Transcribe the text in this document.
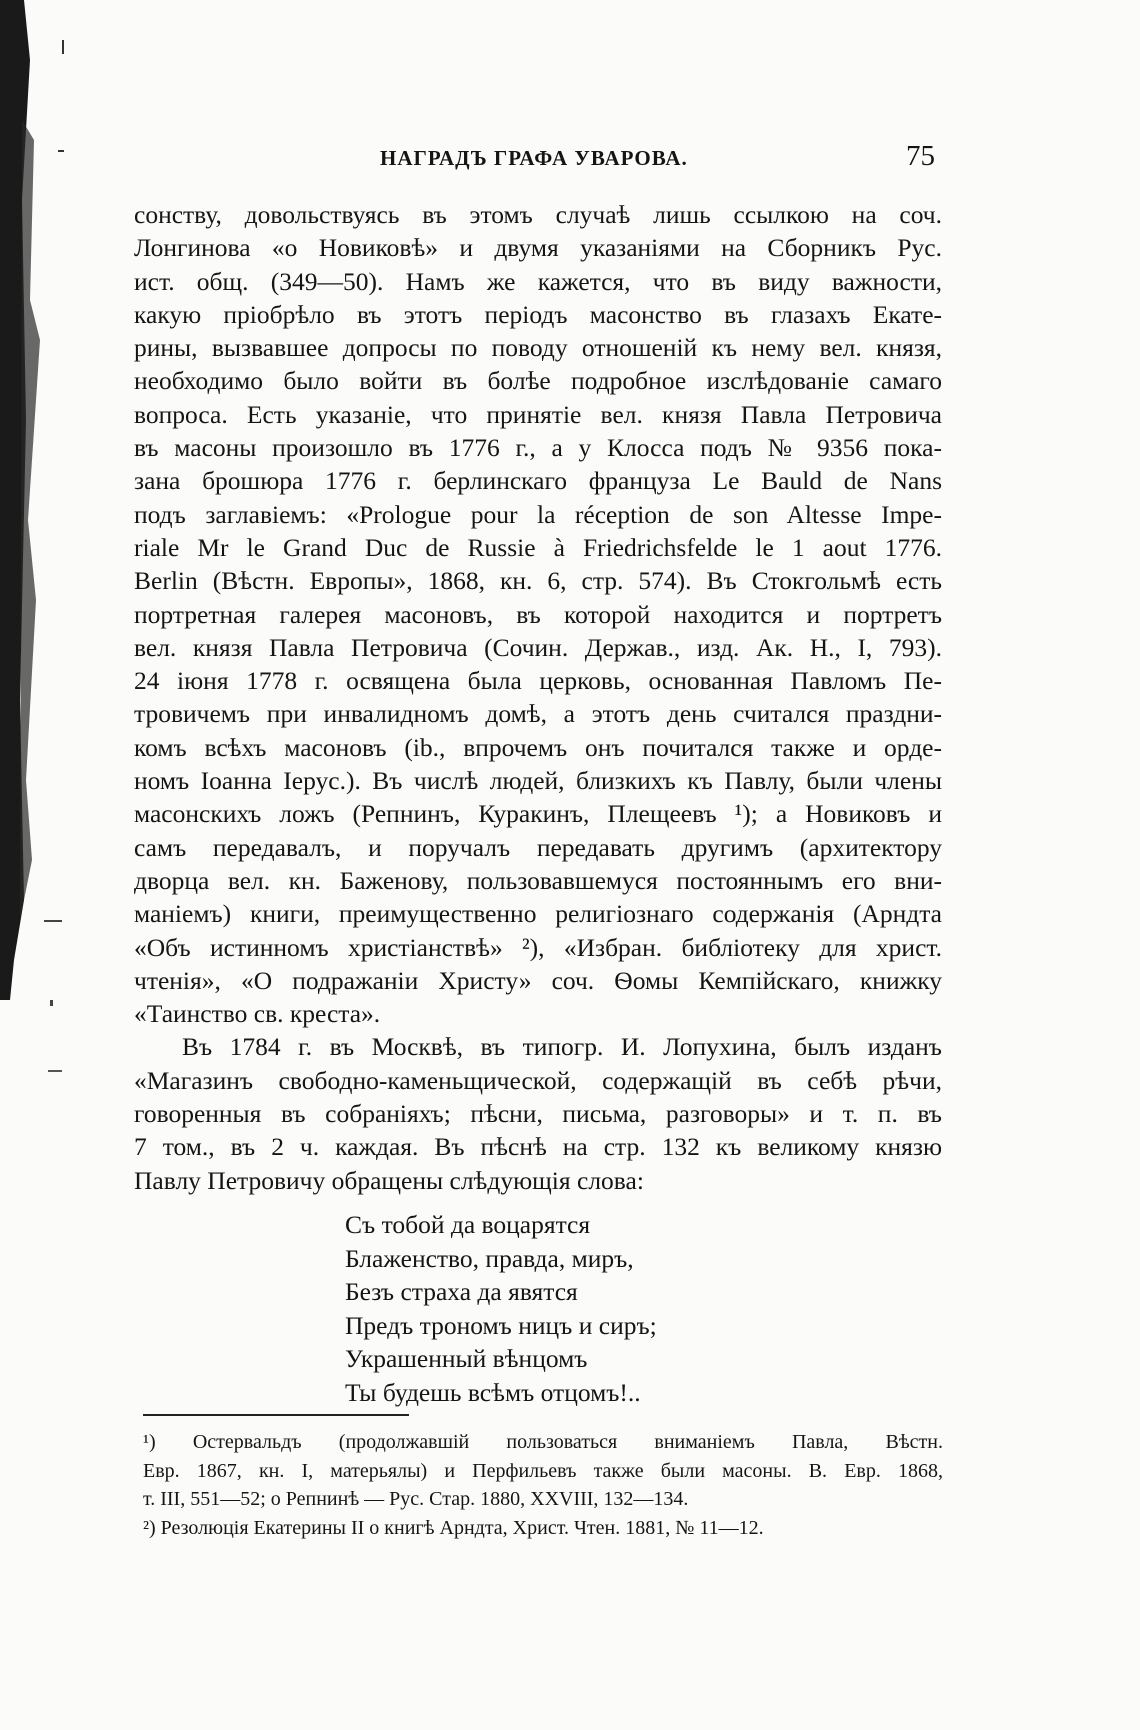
НАГРАДЪ ГРАФА УВАРОВА.	75
сонству, довольствуясь въ этомъ случаѣ лишь ссылкою на соч.
Лонгинова «о Новиковѣ» и двумя указаніями на Сборникъ Рус.
ист. общ. (349—50). Намъ же кажется, что въ виду важности,
какую пріобрѣло въ этотъ періодъ масонство въ глазахъ Екате-
рины, вызвавшее допросы по поводу отношеній къ нему вел. князя,
необходимо было войти въ болѣе подробное изслѣдованіе самаго
вопроса. Есть указаніе, что принятіе вел. князя Павла Петровича
въ масоны произошло въ 1776 г., а у Клосса подъ № 9356 пока-
зана брошюра 1776 г. берлинскаго француза Le Bauld de Nans
подъ заглавіемъ: «Prologue pour la réception de son Altesse Impe-
riale Mr le Grand Duc de Russie à Friedrichsfelde le 1 aout 1776.
Berlin (Вѣстн. Европы», 1868, кн. 6, стр. 574). Въ Стокгольмѣ есть
портретная галерея масоновъ, въ которой находится и портретъ
вел. князя Павла Петровича (Сочин. Держав., изд. Ак. Н., I, 793).
24 іюня 1778 г. освящена была церковь, основанная Павломъ Пе-
тровичемъ при инвалидномъ домѣ, а этотъ день считался праздни-
комъ всѣхъ масоновъ (ib., впрочемъ онъ почитался также и орде-
номъ Іоанна Іерус.). Въ числѣ людей, близкихъ къ Павлу, были члены
масонскихъ ложъ (Репнинъ, Куракинъ, Плещеевъ ¹); а Новиковъ и
самъ передавалъ, и поручалъ передавать другимъ (архитектору
дворца вел. кн. Баженову, пользовавшемуся постояннымъ его вни-
маніемъ) книги, преимущественно религіознаго содержанія (Арндта
«Объ истинномъ христіанствѣ» ²), «Избран. библіотеку для христ.
чтенія», «О подражаніи Христу» соч. Ѳомы Кемпійскаго, книжку
«Таинство св. креста».
Въ 1784 г. въ Москвѣ, въ типогр. И. Лопухина, былъ изданъ
«Магазинъ свободно-каменьщической, содержащій въ себѣ рѣчи,
говоренныя въ собраніяхъ; пѣсни, письма, разговоры» и т. п. въ
7 том., въ 2 ч. каждая. Въ пѣснѣ на стр. 132 къ великому князю
Павлу Петровичу обращены слѣдующія слова:
Съ тобой да воцарятся
Блаженство, правда, миръ,
Безъ страха да явятся
Предъ трономъ ницъ и сиръ;
Украшенный вѣнцомъ
Ты будешь всѣмъ отцомъ!..
¹) Остервальдъ (продолжавшій пользоваться вниманіемъ Павла, Вѣстн.
Евр. 1867, кн. I, матерьялы) и Перфильевъ также были масоны. В. Евр. 1868,
т. III, 551—52; о Репнинѣ — Рус. Стар. 1880, XXVIII, 132—134.
²) Резолюція Екатерины II о книгѣ Арндта, Христ. Чтен. 1881, № 11—12.
